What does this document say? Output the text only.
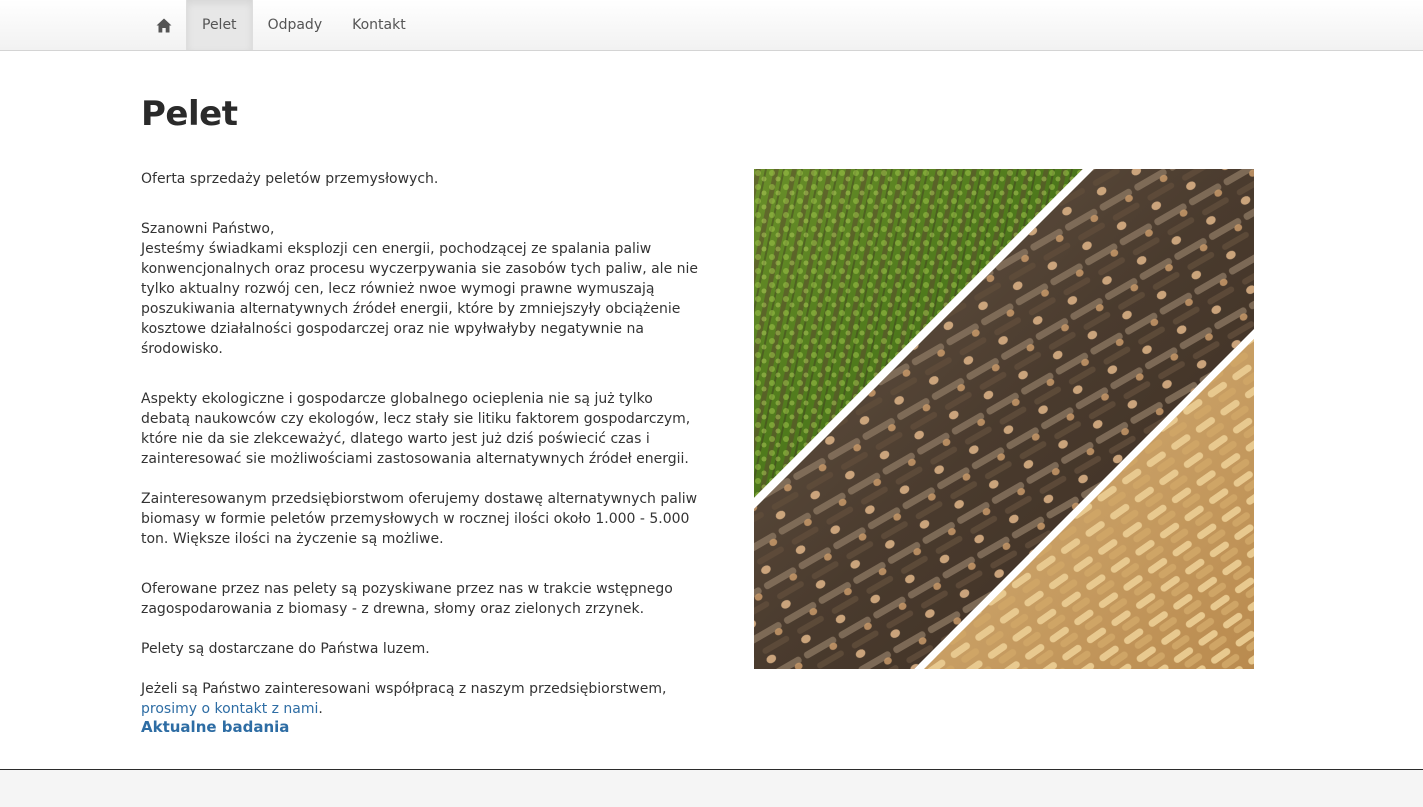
Pelet	Odpady	Kontakt
Pelet

Oferta sprzedaży peletów przemysłowych.

Szanowni Państwo,

Jesteśmy świadkami eksplozji cen energii, pochodzącej ze spalania paliw konwencjonalnych oraz procesu wyczerpywania sie zasobów tych paliw, ale nie tylko aktualny rozwój cen, lecz również nwoe wymogi prawne wymuszają poszukiwania alternatywnych źródeł energii, które by zmniejszyły obciążenie kosztowe działalności gospodarczej oraz nie wpyłwałyby negatywnie na środowisko.

Aspekty ekologiczne i gospodarcze globalnego ocieplenia nie są już tylko debatą naukowców czy ekologów, lecz stały sie litiku faktorem gospodarczym, które nie da sie zlekceważyć, dlatego warto jest już dziś poświecić czas i zainteresować sie możliwościami zastosowania alternatywnych źródeł energii.

Zainteresowanym przedsiębiorstwom oferujemy dostawę alternatywnych paliw biomasy w formie peletów przemysłowych w rocznej ilości około 1.000 - 5.000 ton. Większe ilości na życzenie są możliwe.

Oferowane przez nas pelety są pozyskiwane przez nas w trakcie wstępnego zagospodarowania z biomasy - z drewna, słomy oraz zielonych zrzynek.

Pelety są dostarczane do Państwa luzem.

Jeżeli są Państwo zainteresowani współpracą z naszym przedsiębiorstwem, prosimy o kontakt z nami.

Aktualne badania
